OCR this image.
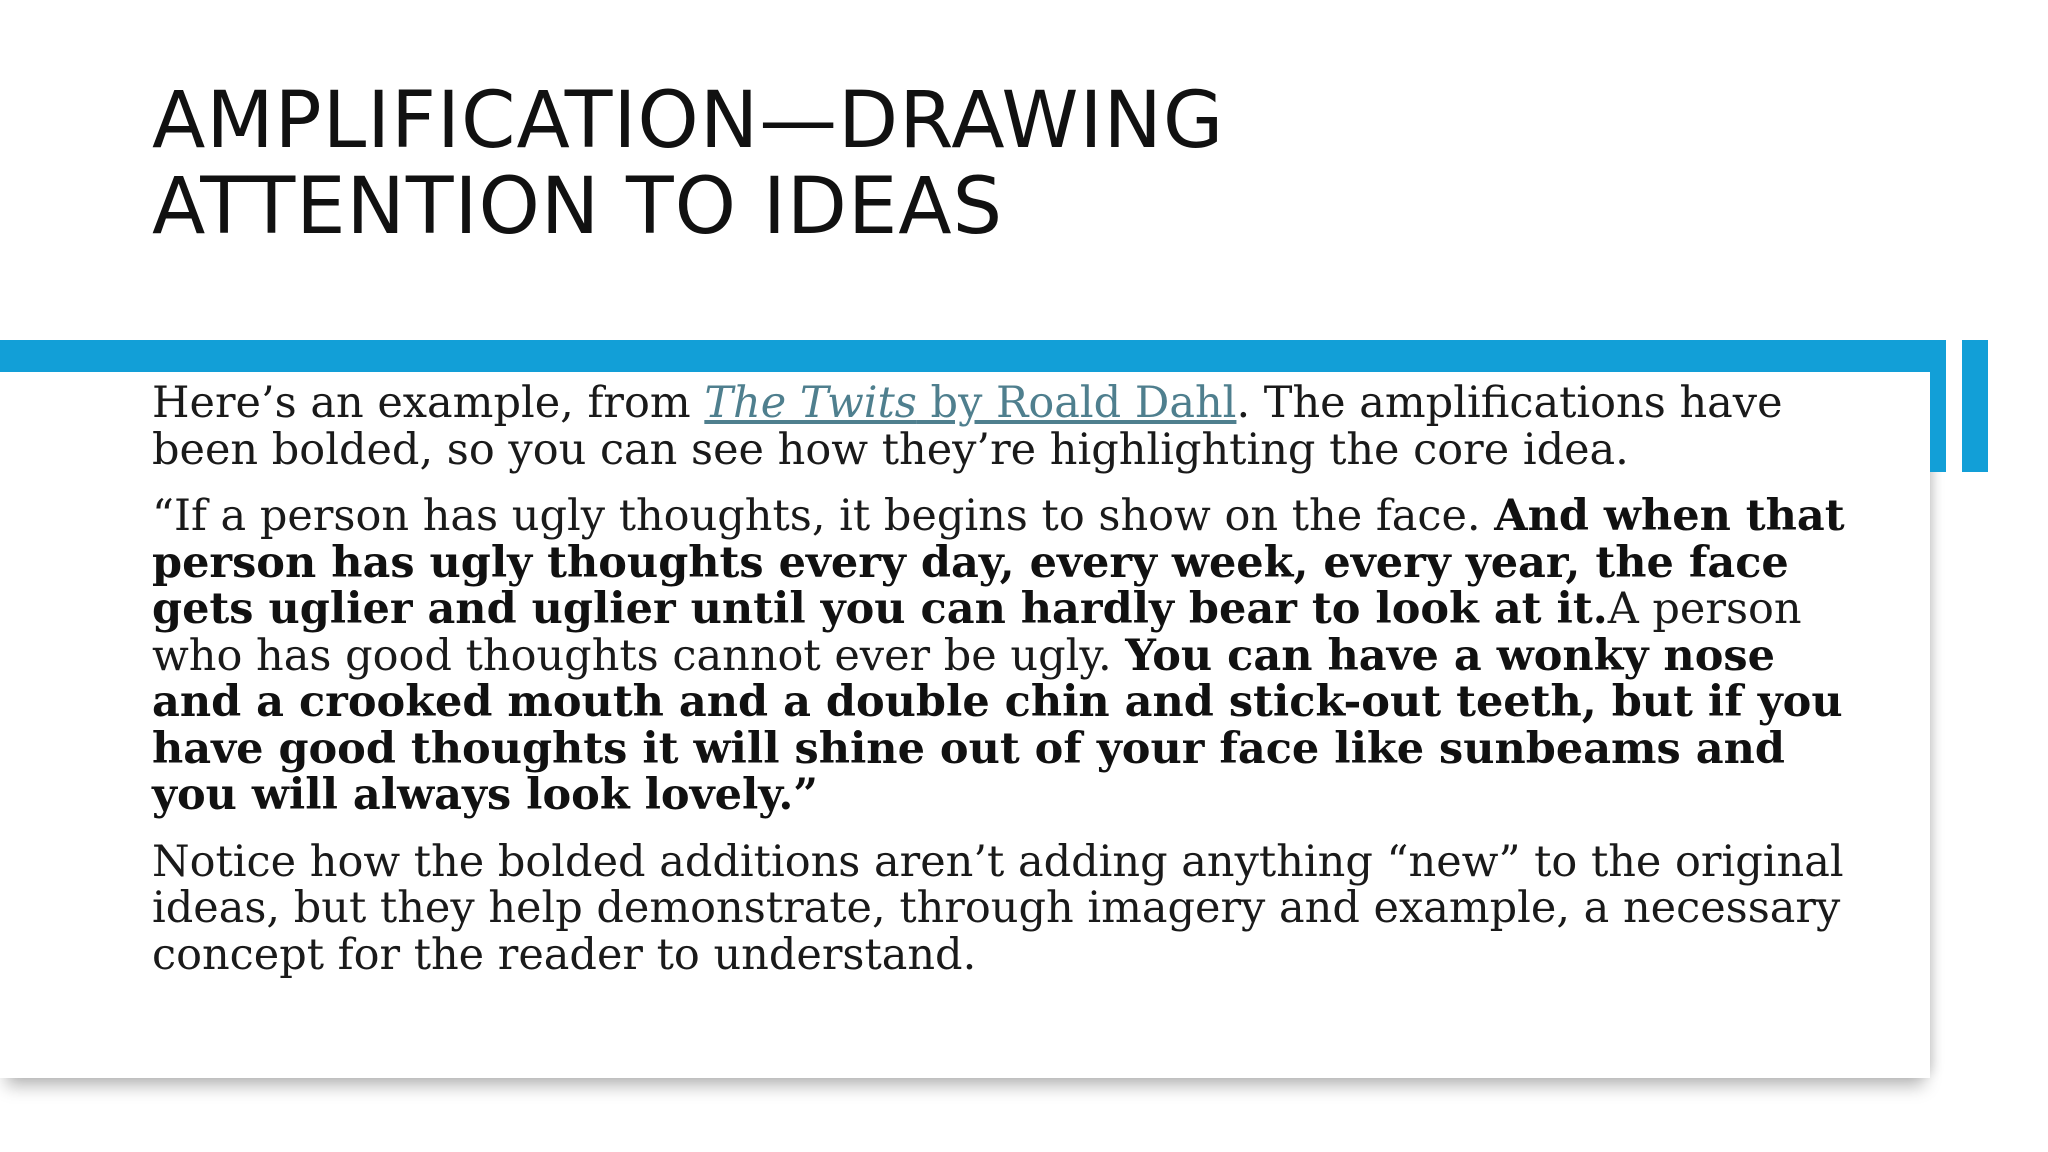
AMPLIFICATION—DRAWING
ATTENTION TO IDEAS

Here’s an example, from The Twits by Roald Dahl. The amplifications have been bolded, so you can see how they’re highlighting the core idea.

“If a person has ugly thoughts, it begins to show on the face. And when that person has ugly thoughts every day, every week, every year, the face gets uglier and uglier until you can hardly bear to look at it.A person who has good thoughts cannot ever be ugly. You can have a wonky nose and a crooked mouth and a double chin and stick-out teeth, but if you have good thoughts it will shine out of your face like sunbeams and you will always look lovely.”

Notice how the bolded additions aren’t adding anything “new” to the original ideas, but they help demonstrate, through imagery and example, a necessary concept for the reader to understand.
